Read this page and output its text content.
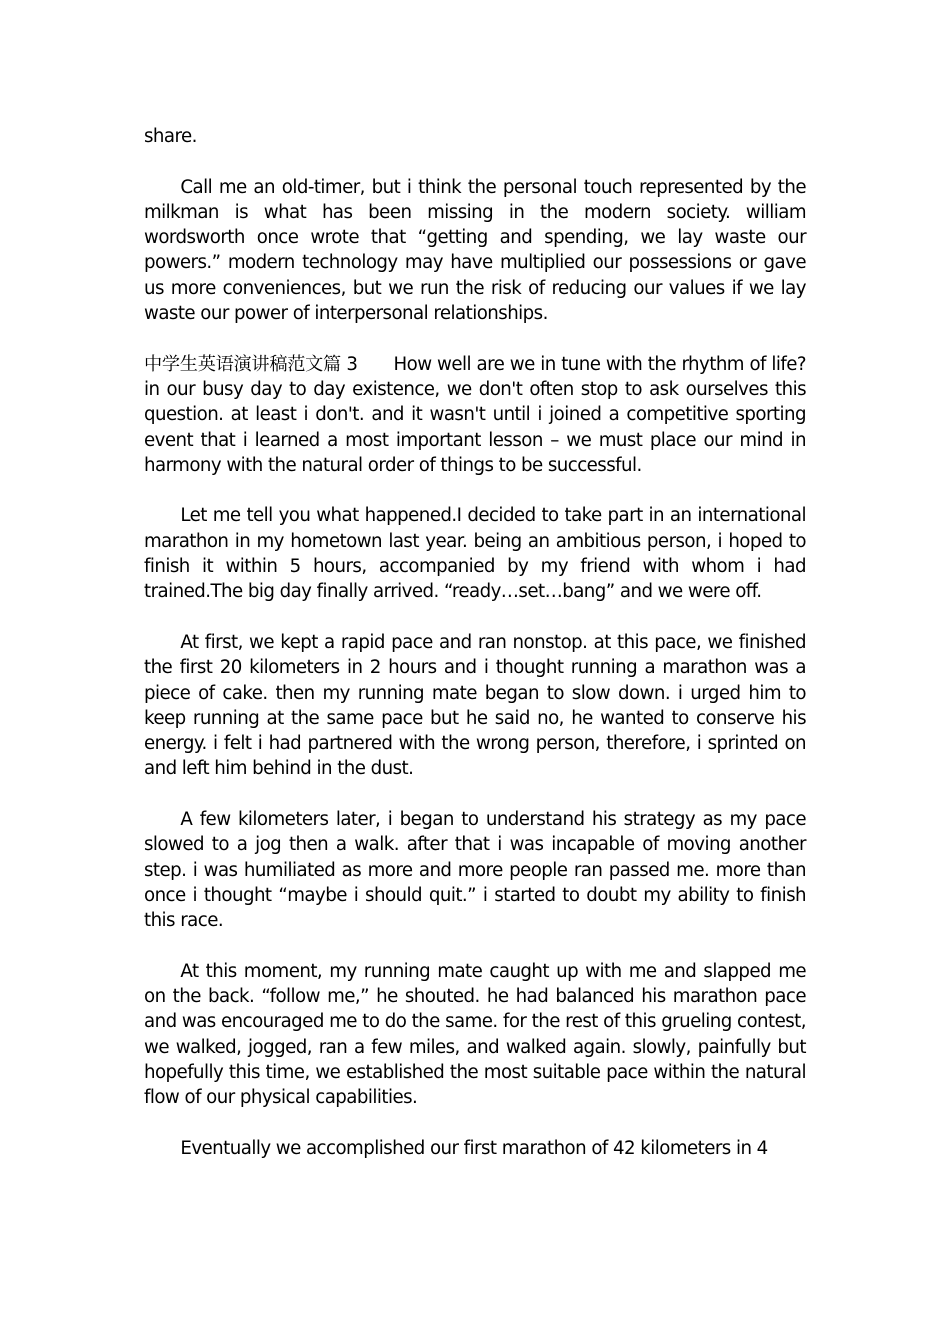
share.

Call me an old-timer, but i think the personal touch represented by the milkman is what has been missing in the modern society. william wordsworth once wrote that “getting and spending, we lay waste our powers.” modern technology may have multiplied our possessions or gave us more conveniences, but we run the risk of reducing our values if we lay waste our power of interpersonal relationships.

中学生英语演讲稿范文篇 3　　How well are we in tune with the rhythm of life? in our busy day to day existence, we don't often stop to ask ourselves this question. at least i don't. and it wasn't until i joined a competitive sporting event that i learned a most important lesson – we must place our mind in harmony with the natural order of things to be successful.

Let me tell you what happened.I decided to take part in an international marathon in my hometown last year. being an ambitious person, i hoped to finish it within 5 hours, accompanied by my friend with whom i had trained.The big day finally arrived. “ready…set…bang” and we were off.

At first, we kept a rapid pace and ran nonstop. at this pace, we finished the first 20 kilometers in 2 hours and i thought running a marathon was a piece of cake. then my running mate began to slow down. i urged him to keep running at the same pace but he said no, he wanted to conserve his energy. i felt i had partnered with the wrong person, therefore, i sprinted on and left him behind in the dust.

A few kilometers later, i began to understand his strategy as my pace slowed to a jog then a walk. after that i was incapable of moving another step. i was humiliated as more and more people ran passed me. more than once i thought “maybe i should quit.” i started to doubt my ability to finish this race.

At this moment, my running mate caught up with me and slapped me on the back. “follow me,” he shouted. he had balanced his marathon pace and was encouraged me to do the same. for the rest of this grueling contest, we walked, jogged, ran a few miles, and walked again. slowly, painfully but hopefully this time, we established the most suitable pace within the natural flow of our physical capabilities.

Eventually we accomplished our first marathon of 42 kilometers in 4
